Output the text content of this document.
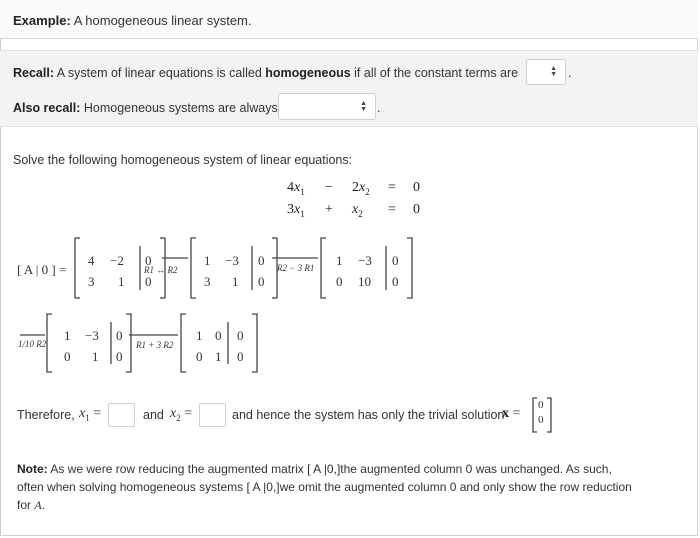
Example: A homogeneous linear system.
Recall: A system of linear equations is called homogeneous if all of the constant terms are	▲
▼ .
Also recall: Homogeneous systems are always	▲
▼ .
Solve the following homogeneous system of linear equations:
$4x_1 - 2x_2 = 0$
$3x_1 + x_2 = 0$
[ A | 0 ] =
4 −2 0
3 1 0
R1 ↔ R2
1 −3 0
3 1 0
R2 − 3 R1 1 −3 0
0 10 0
1/10 R2
1 −3 0
0 1 0
R1 + 3 R2
1 0 0
0 1 0
Therefore, $x_1$ =	and $x_2$ =	and hence the system has only the trivial solution
x =
0
0
Note: As we were row reducing the augmented matrix [ A |0,]the augmented column 0 was unchanged. As such,
often when solving homogeneous systems [ A |0,]we omit the augmented column 0 and only show the row reduction
for A.
